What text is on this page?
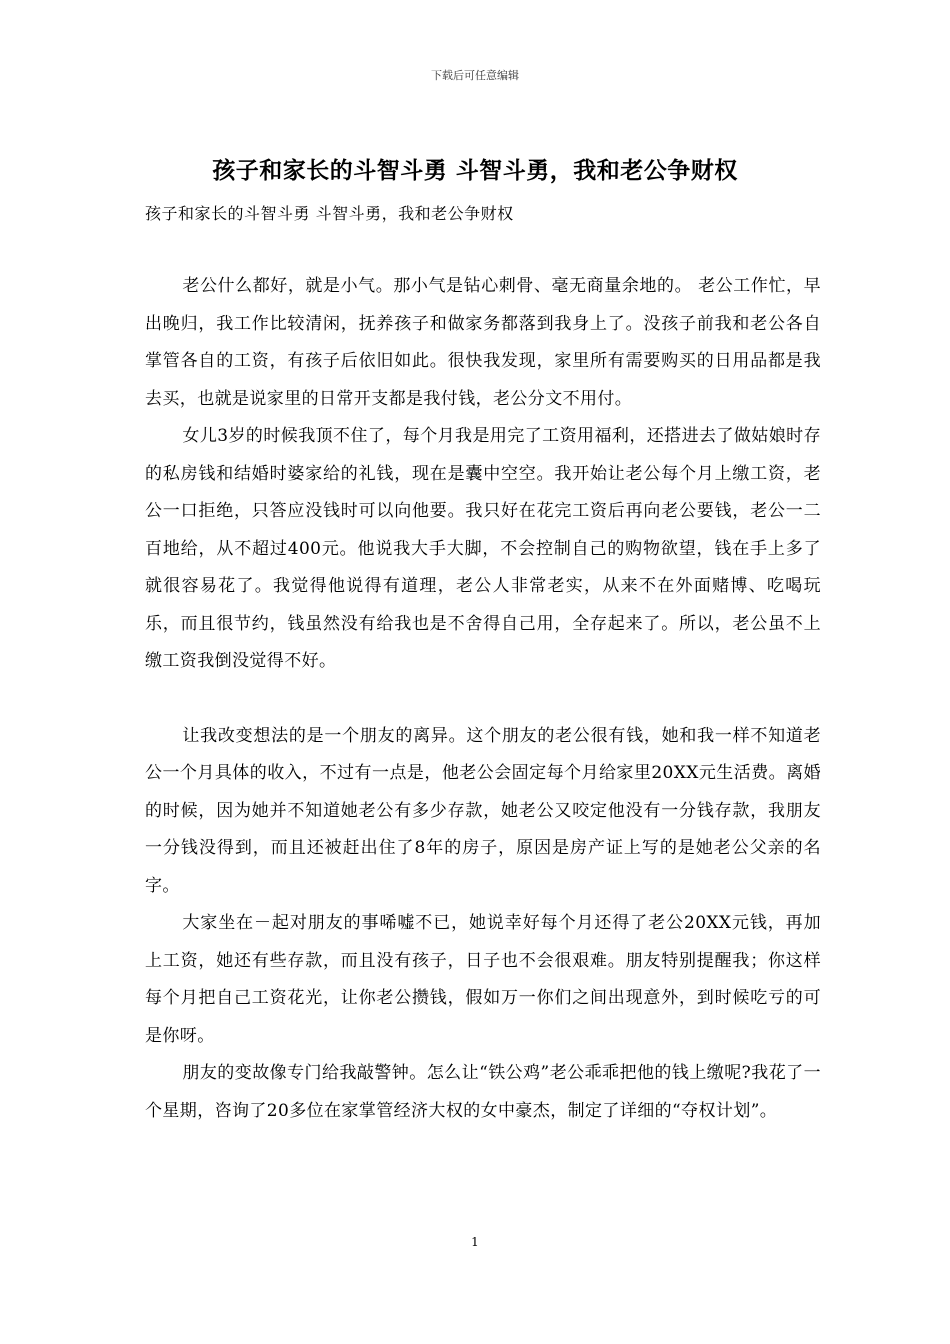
下载后可任意编辑
孩子和家长的斗智斗勇 斗智斗勇，我和老公争财权
孩子和家长的斗智斗勇 斗智斗勇，我和老公争财权

老公什么都好，就是小气。那小气是钻心刺骨、毫无商量余地的。 老公工作忙，早出晚归，我工作比较清闲，抚养孩子和做家务都落到我身上了。没孩子前我和老公各自掌管各自的工资，有孩子后依旧如此。很快我发现，家里所有需要购买的日用品都是我去买，也就是说家里的日常开支都是我付钱，老公分文不用付。

女儿3岁的时候我顶不住了，每个月我是用完了工资用福利，还搭进去了做姑娘时存的私房钱和结婚时婆家给的礼钱，现在是囊中空空。我开始让老公每个月上缴工资，老公一口拒绝，只答应没钱时可以向他要。我只好在花完工资后再向老公要钱，老公一二百地给，从不超过400元。他说我大手大脚，不会控制自己的购物欲望，钱在手上多了就很容易花了。我觉得他说得有道理，老公人非常老实，从来不在外面赌博、吃喝玩乐，而且很节约，钱虽然没有给我也是不舍得自己用，全存起来了。所以，老公虽不上缴工资我倒没觉得不好。

让我改变想法的是一个朋友的离异。这个朋友的老公很有钱，她和我一样不知道老公一个月具体的收入，不过有一点是，他老公会固定每个月给家里20XX元生活费。离婚的时候，因为她并不知道她老公有多少存款，她老公又咬定他没有一分钱存款，我朋友一分钱没得到，而且还被赶出住了8年的房子，原因是房产证上写的是她老公父亲的名字。

大家坐在－起对朋友的事唏嘘不已，她说幸好每个月还得了老公20XX元钱，再加上工资，她还有些存款，而且没有孩子，日子也不会很艰难。朋友特别提醒我；你这样每个月把自己工资花光，让你老公攒钱，假如万一你们之间出现意外，到时候吃亏的可是你呀。

朋友的变故像专门给我敲警钟。怎么让“铁公鸡”老公乖乖把他的钱上缴呢?我花了一个星期，咨询了20多位在家掌管经济大权的女中豪杰，制定了详细的“夺权计划”。

1
